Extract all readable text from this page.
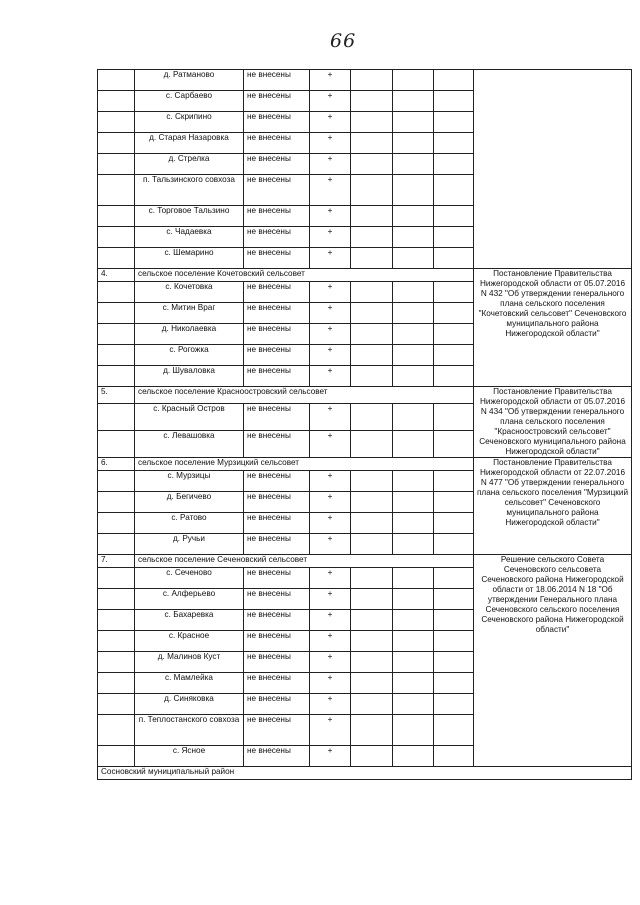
66
	д. Ратманово	не внесены	+				
	с. Сарбаево	не внесены	+				
	с. Скрипино	не внесены	+				
	д. Старая Назаровка	не внесены	+				
	д. Стрелка	не внесены	+				
	п. Тальзинского совхоза	не внесены	+				
	с. Торговое Тальзино	не внесены	+				
	с. Чадаевка	не внесены	+				
	с. Шемарино	не внесены	+				
4.	сельское поселение Кочетовский сельсовет						Постановление Правительства Нижегородской области от 05.07.2016 N 432 "Об утверждении генерального плана сельского поселения "Кочетовский сельсовет" Сеченовского муниципального района Нижегородской области"
	с. Кочетовка	не внесены	+				
	с. Митин Враг	не внесены	+				
	д. Николаевка	не внесены	+				
	с. Рогожка	не внесены	+				
	д. Шуваловка	не внесены	+				
5.	сельское поселение Красноостровский сельсовет						Постановление Правительства Нижегородской области от 05.07.2016 N 434 "Об утверждении генерального плана сельского поселения "Красноостровский сельсовет" Сеченовского муниципального района Нижегородской области"
	с. Красный Остров	не внесены	+				
	с. Левашовка	не внесены	+				
6.	сельское поселение Мурзицкий сельсовет						Постановление Правительства Нижегородской области от 22.07.2016 N 477 "Об утверждении генерального плана сельского поселения "Мурзицкий сельсовет" Сеченовского муниципального района Нижегородской области"
	с. Мурзицы	не внесены	+				
	д. Бегичево	не внесены	+				
	с. Ратово	не внесены	+				
	д. Ручьи	не внесены	+				
7.	сельское поселение Сеченовский сельсовет						Решение сельского Совета Сеченовского сельсовета Сеченовского района Нижегородской области от 18.06.2014 N 18 "Об утверждении Генерального плана Сеченовского сельского поселения Сеченовского района Нижегородской области"
	с. Сеченово	не внесены	+				
	с. Алферьево	не внесены	+				
	с. Бахаревка	не внесены	+				
	с. Красное	не внесены	+				
	д. Малинов Куст	не внесены	+				
	с. Мамлейка	не внесены	+				
	д. Синяковка	не внесены	+				
	п. Теплостанского совхоза	не внесены	+				
	с. Ясное	не внесены	+				
Сосновский муниципальный район							
